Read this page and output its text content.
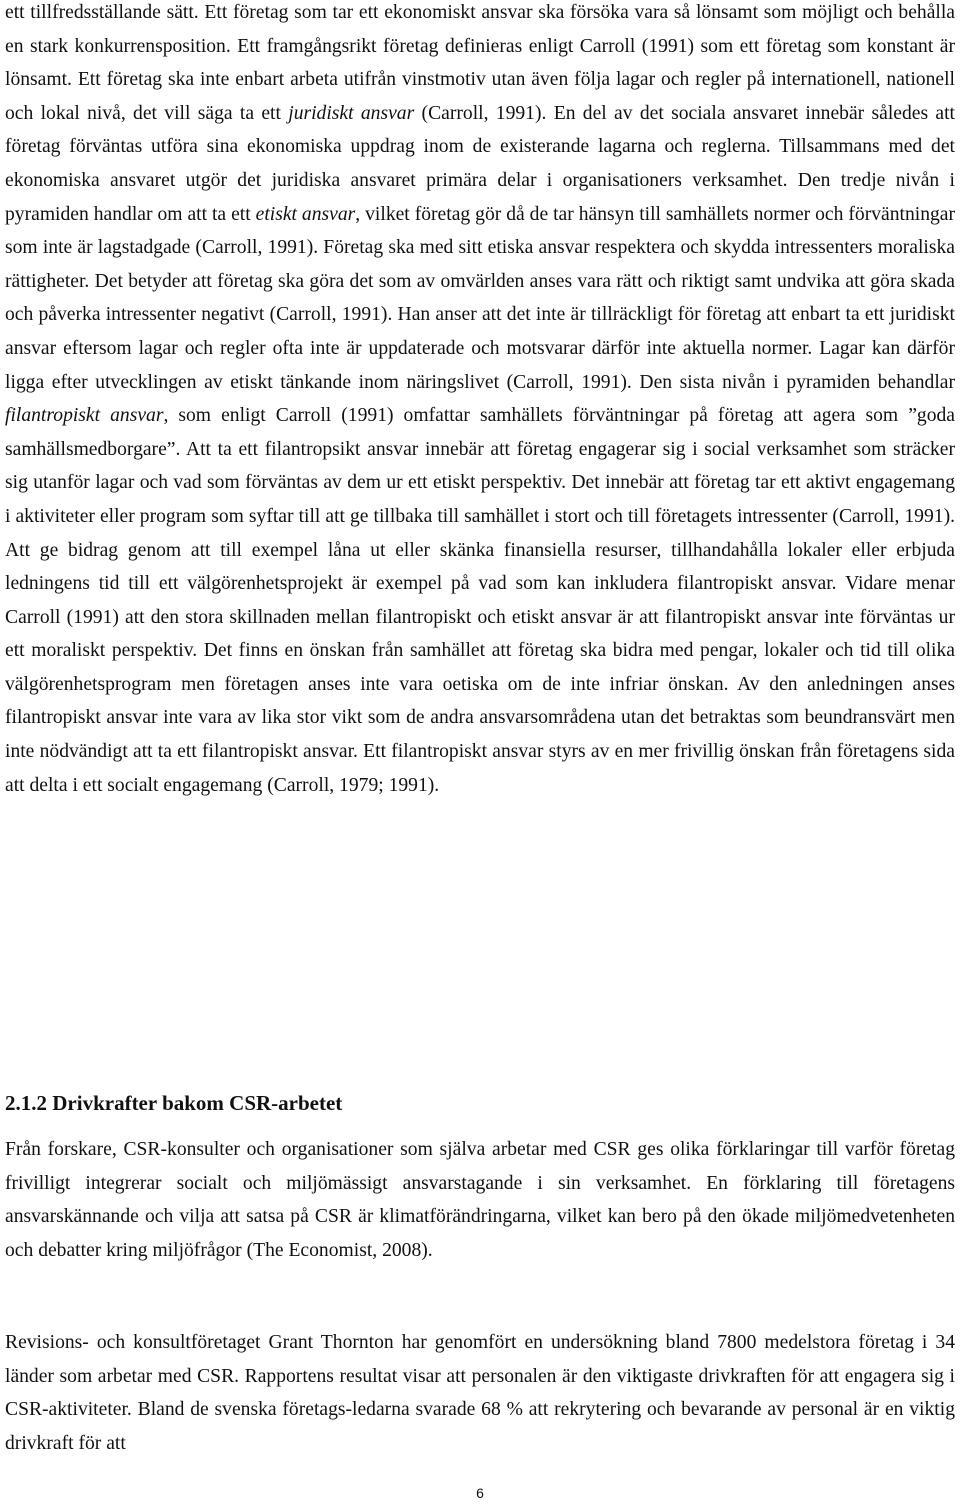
ett tillfredsställande sätt. Ett företag som tar ett ekonomiskt ansvar ska försöka vara så lönsamt som möjligt och behålla en stark konkurrensposition. Ett framgångsrikt företag definieras enligt Carroll (1991) som ett företag som konstant är lönsamt. Ett företag ska inte enbart arbeta utifrån vinstmotiv utan även följa lagar och regler på internationell, nationell och lokal nivå, det vill säga ta ett juridiskt ansvar (Carroll, 1991). En del av det sociala ansvaret innebär således att företag förväntas utföra sina ekonomiska uppdrag inom de existerande lagarna och reglerna. Tillsammans med det ekonomiska ansvaret utgör det juridiska ansvaret primära delar i organisationers verksamhet. Den tredje nivån i pyramiden handlar om att ta ett etiskt ansvar, vilket företag gör då de tar hänsyn till samhällets normer och förväntningar som inte är lagstadgade (Carroll, 1991). Företag ska med sitt etiska ansvar respektera och skydda intressenters moraliska rättigheter. Det betyder att företag ska göra det som av omvärlden anses vara rätt och riktigt samt undvika att göra skada och påverka intressenter negativt (Carroll, 1991). Han anser att det inte är tillräckligt för företag att enbart ta ett juridiskt ansvar eftersom lagar och regler ofta inte är uppdaterade och motsvarar därför inte aktuella normer. Lagar kan därför ligga efter utvecklingen av etiskt tänkande inom näringslivet (Carroll, 1991). Den sista nivån i pyramiden behandlar filantropiskt ansvar, som enligt Carroll (1991) omfattar samhällets förväntningar på företag att agera som ”goda samhällsmedborgare”. Att ta ett filantropsikt ansvar innebär att företag engagerar sig i social verksamhet som sträcker sig utanför lagar och vad som förväntas av dem ur ett etiskt perspektiv. Det innebär att företag tar ett aktivt engagemang i aktiviteter eller program som syftar till att ge tillbaka till samhället i stort och till företagets intressenter (Carroll, 1991). Att ge bidrag genom att till exempel låna ut eller skänka finansiella resurser, tillhandahålla lokaler eller erbjuda ledningens tid till ett välgörenhetsprojekt är exempel på vad som kan inkludera filantropiskt ansvar. Vidare menar Carroll (1991) att den stora skillnaden mellan filantropiskt och etiskt ansvar är att filantropiskt ansvar inte förväntas ur ett moraliskt perspektiv. Det finns en önskan från samhället att företag ska bidra med pengar, lokaler och tid till olika välgörenhetsprogram men företagen anses inte vara oetiska om de inte infriar önskan. Av den anledningen anses filantropiskt ansvar inte vara av lika stor vikt som de andra ansvarsområdena utan det betraktas som beundransvärt men inte nödvändigt att ta ett filantropiskt ansvar. Ett filantropiskt ansvar styrs av en mer frivillig önskan från företagens sida att delta i ett socialt engagemang (Carroll, 1979; 1991).

2.1.2 Drivkrafter bakom CSR-arbetet

Från forskare, CSR-konsulter och organisationer som själva arbetar med CSR ges olika förklaringar till varför företag frivilligt integrerar socialt och miljömässigt ansvarstagande i sin verksamhet. En förklaring till företagens ansvarskännande och vilja att satsa på CSR är klimatförändringarna, vilket kan bero på den ökade miljömedvetenheten och debatter kring miljöfrågor (The Economist, 2008).

Revisions- och konsultföretaget Grant Thornton har genomfört en undersökning bland 7800 medelstora företag i 34 länder som arbetar med CSR. Rapportens resultat visar att personalen är den viktigaste drivkraften för att engagera sig i CSR-aktiviteter. Bland de svenska företags-ledarna svarade 68 % att rekrytering och bevarande av personal är en viktig drivkraft för att

6
